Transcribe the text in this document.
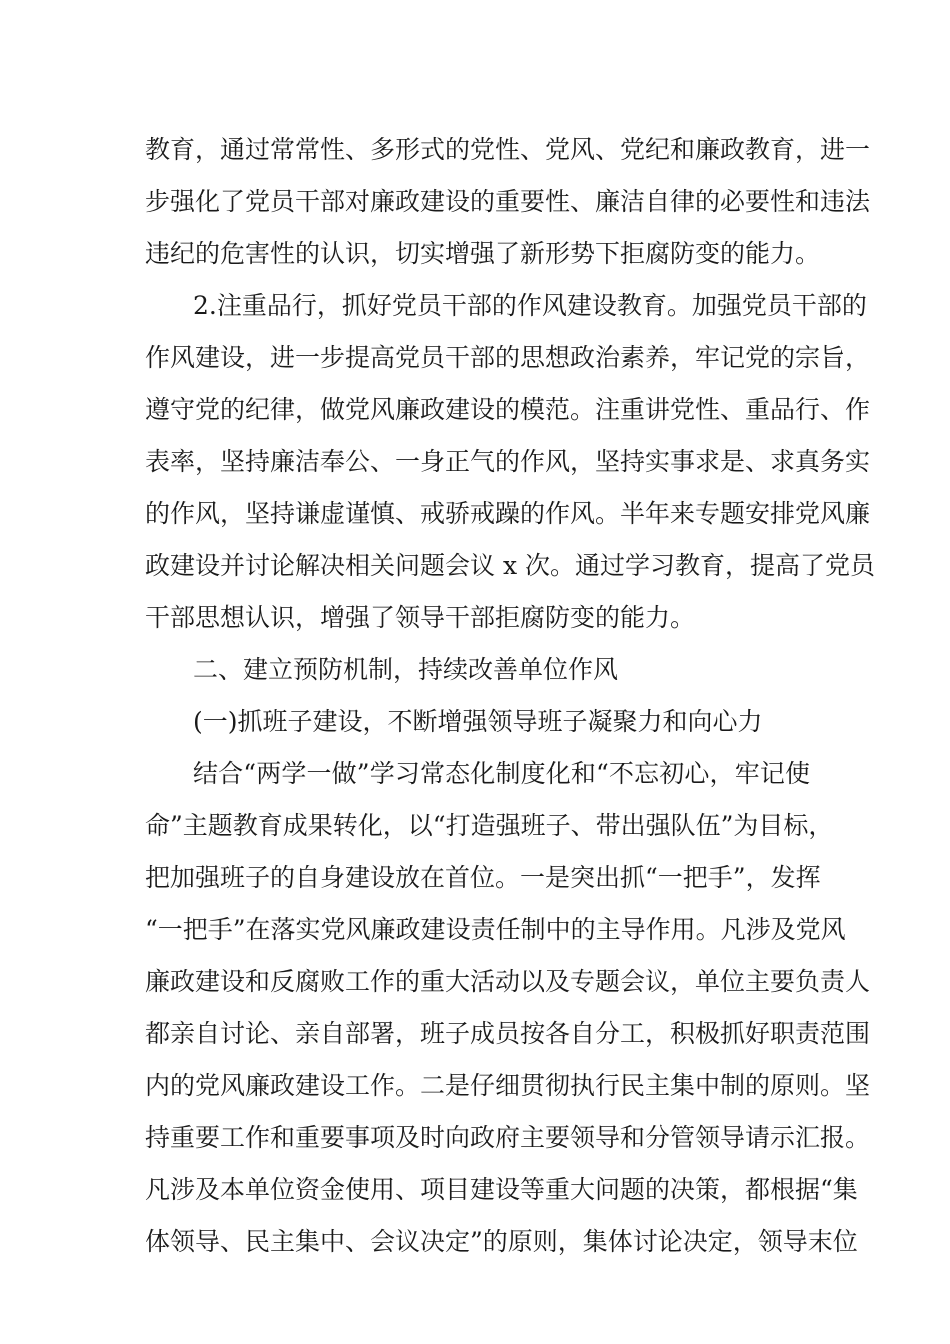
教育，通过常常性、多形式的党性、党风、党纪和廉政教育，进一
步强化了党员干部对廉政建设的重要性、廉洁自律的必要性和违法
违纪的危害性的认识，切实增强了新形势下拒腐防变的能力。
2.注重品行，抓好党员干部的作风建设教育。加强党员干部的
作风建设，进一步提高党员干部的思想政治素养，牢记党的宗旨，
遵守党的纪律，做党风廉政建设的模范。注重讲党性、重品行、作
表率，坚持廉洁奉公、一身正气的作风，坚持实事求是、求真务实
的作风，坚持谦虚谨慎、戒骄戒躁的作风。半年来专题安排党风廉
政建设并讨论解决相关问题会议 x 次。通过学习教育，提高了党员
干部思想认识，增强了领导干部拒腐防变的能力。
二、建立预防机制，持续改善单位作风
(一)抓班子建设，不断增强领导班子凝聚力和向心力
结合“两学一做”学习常态化制度化和“不忘初心，牢记使
命”主题教育成果转化，以“打造强班子、带出强队伍”为目标，
把加强班子的自身建设放在首位。一是突出抓“一把手”，发挥
“一把手”在落实党风廉政建设责任制中的主导作用。凡涉及党风
廉政建设和反腐败工作的重大活动以及专题会议，单位主要负责人
都亲自讨论、亲自部署，班子成员按各自分工，积极抓好职责范围
内的党风廉政建设工作。二是仔细贯彻执行民主集中制的原则。坚
持重要工作和重要事项及时向政府主要领导和分管领导请示汇报。
凡涉及本单位资金使用、项目建设等重大问题的决策，都根据“集
体领导、民主集中、会议决定”的原则，集体讨论决定，领导末位
